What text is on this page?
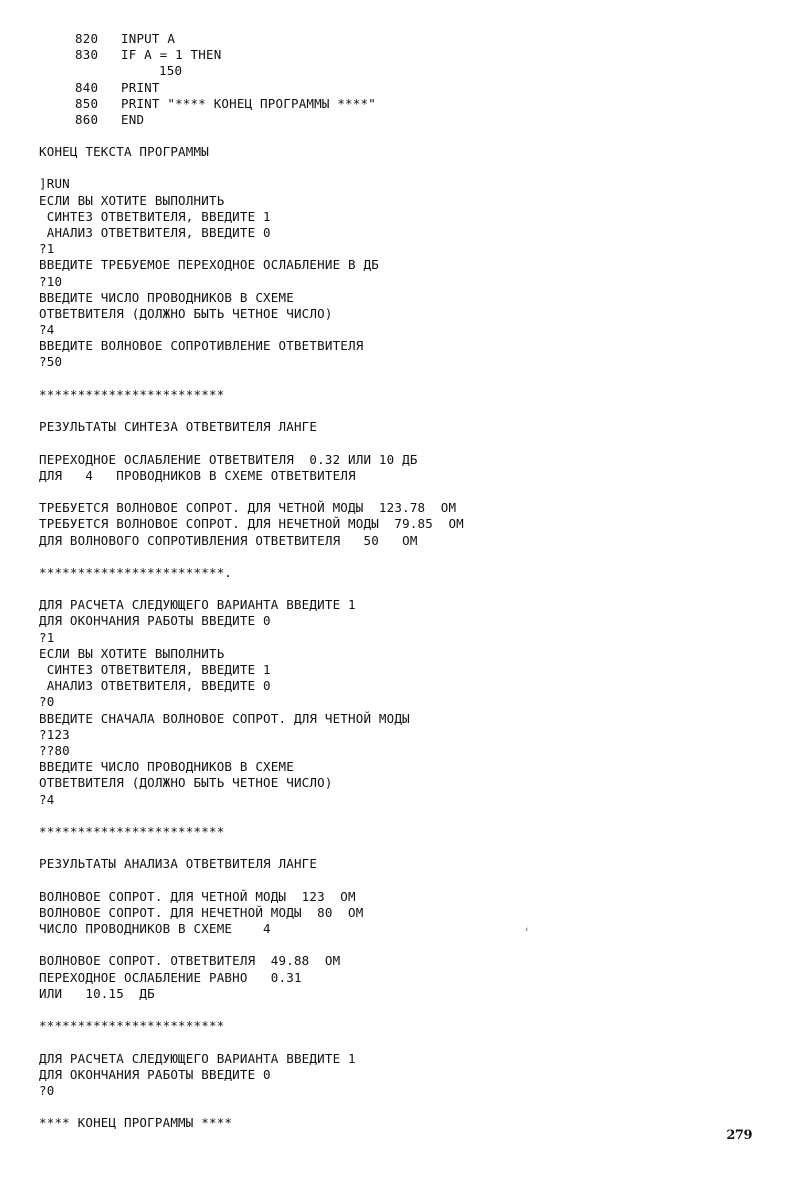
820 INPUT A
830 IF A = 1 THEN
150
840 PRINT
850 PRINT "**** КОНЕЦ ПРОГРАММЫ ****"
860 END
КОНЕЦ ТЕКСТА ПРОГРАММЫ
]RUN
ЕСЛИ ВЫ ХОТИТЕ ВЫПОЛНИТЬ
СИНТЕЗ ОТВЕТВИТЕЛЯ, ВВЕДИТЕ 1
АНАЛИЗ ОТВЕТВИТЕЛЯ, ВВЕДИТЕ 0
?1
ВВЕДИТЕ ТРЕБУЕМОЕ ПЕРЕХОДНОЕ ОСЛАБЛЕНИЕ В ДБ
?10
ВВЕДИТЕ ЧИСЛО ПРОВОДНИКОВ В СХЕМЕ
ОТВЕТВИТЕЛЯ (ДОЛЖНО БЫТЬ ЧЕТНОЕ ЧИСЛО)
?4
ВВЕДИТЕ ВОЛНОВОЕ СОПРОТИВЛЕНИЕ ОТВЕТВИТЕЛЯ
?50
************************
РЕЗУЛЬТАТЫ СИНТЕЗА ОТВЕТВИТЕЛЯ ЛАНГЕ
ПЕРЕХОДНОЕ ОСЛАБЛЕНИЕ ОТВЕТВИТЕЛЯ  0.32 ИЛИ 10 ДБ
ДЛЯ   4   ПРОВОДНИКОВ В СХЕМЕ ОТВЕТВИТЕЛЯ
ТРЕБУЕТСЯ ВОЛНОВОЕ СОПРОТ. ДЛЯ ЧЕТНОЙ МОДЫ  123.78  ОМ
ТРЕБУЕТСЯ ВОЛНОВОЕ СОПРОТ. ДЛЯ НЕЧЕТНОЙ МОДЫ  79.85  ОМ
ДЛЯ ВОЛНОВОГО СОПРОТИВЛЕНИЯ ОТВЕТВИТЕЛЯ   50   ОМ
************************.
ДЛЯ РАСЧЕТА СЛЕДУЮЩЕГО ВАРИАНТА ВВЕДИТЕ 1
ДЛЯ ОКОНЧАНИЯ РАБОТЫ ВВЕДИТЕ 0
?1
ЕСЛИ ВЫ ХОТИТЕ ВЫПОЛНИТЬ
СИНТЕЗ ОТВЕТВИТЕЛЯ, ВВЕДИТЕ 1
АНАЛИЗ ОТВЕТВИТЕЛЯ, ВВЕДИТЕ 0
?0
ВВЕДИТЕ СНАЧАЛА ВОЛНОВОЕ СОПРОТ. ДЛЯ ЧЕТНОЙ МОДЫ
?123
??80
ВВЕДИТЕ ЧИСЛО ПРОВОДНИКОВ В СХЕМЕ
ОТВЕТВИТЕЛЯ (ДОЛЖНО БЫТЬ ЧЕТНОЕ ЧИСЛО)
?4
************************
РЕЗУЛЬТАТЫ АНАЛИЗА ОТВЕТВИТЕЛЯ ЛАНГЕ
ВОЛНОВОЕ СОПРОТ. ДЛЯ ЧЕТНОЙ МОДЫ  123  ОМ
ВОЛНОВОЕ СОПРОТ. ДЛЯ НЕЧЕТНОЙ МОДЫ  80  ОМ
ЧИСЛО ПРОВОДНИКОВ В СХЕМЕ    4
ВОЛНОВОЕ СОПРОТ. ОТВЕТВИТЕЛЯ  49.88  ОМ
ПЕРЕХОДНОЕ ОСЛАБЛЕНИЕ РАВНО   0.31
ИЛИ   10.15  ДБ
************************
ДЛЯ РАСЧЕТА СЛЕДУЮЩЕГО ВАРИАНТА ВВЕДИТЕ 1
ДЛЯ ОКОНЧАНИЯ РАБОТЫ ВВЕДИТЕ 0
?0
**** КОНЕЦ ПРОГРАММЫ ****
‹
279
